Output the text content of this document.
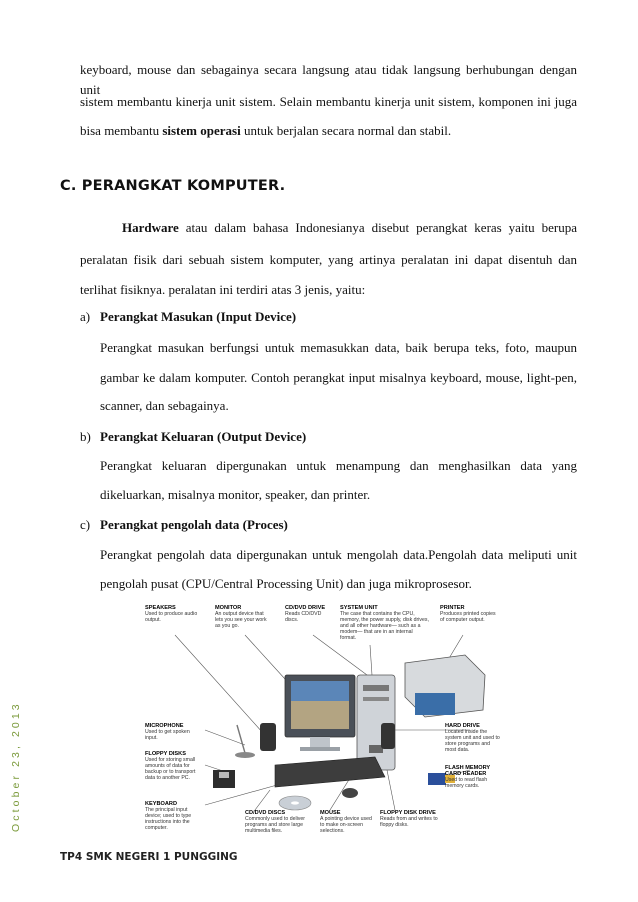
keyboard, mouse dan sebagainya secara langsung atau tidak langsung berhubungan dengan unit
sistem membantu kinerja unit sistem. Selain membantu kinerja unit sistem, komponen ini juga
bisa membantu sistem operasi untuk berjalan secara normal dan stabil.
C. PERANGKAT KOMPUTER.
Hardware atau dalam bahasa Indonesianya disebut perangkat keras yaitu berupa
peralatan fisik dari sebuah sistem komputer, yang artinya peralatan ini dapat disentuh dan
terlihat fisiknya. peralatan ini terdiri atas 3 jenis, yaitu:
a) Perangkat Masukan (Input Device)
Perangkat masukan berfungsi untuk memasukkan data, baik berupa teks, foto, maupun
gambar ke dalam komputer. Contoh perangkat input misalnya keyboard, mouse, light-pen,
scanner, dan sebagainya.
b) Perangkat Keluaran (Output Device)
Perangkat keluaran dipergunakan untuk menampung dan menghasilkan data yang
dikeluarkan, misalnya monitor, speaker, dan printer.
c) Perangkat pengolah data (Proces)
Perangkat pengolah data dipergunakan untuk mengolah data.Pengolah data meliputi unit
pengolah pusat (CPU/Central Processing Unit) dan juga mikroprosesor.
SPEAKERS
Used to produce audio output.
MONITOR
An output device that lets you see your work as you go.
CD/DVD DRIVE
Reads CD/DVD discs.
SYSTEM UNIT
The case that contains the CPU, memory, the power supply, disk drives, and all other hardware— such as a modem— that are in an internal format.
PRINTER
Produces printed copies of computer output.
MICROPHONE
Used to get spoken input.
FLOPPY DISKS
Used for storing small amounts of data for backup or to transport data to another PC.
KEYBOARD
The principal input device; used to type instructions into the computer.
HARD DRIVE
Located inside the system unit and used to store programs and most data.
FLASH MEMORY CARD READER
Used to read flash memory cards.
CD/DVD DISCS
Commonly used to deliver programs and store large multimedia files.
MOUSE
A pointing device used to make on-screen selections.
FLOPPY DISK DRIVE
Reads from and writes to floppy disks.
October 23, 2013
TP4 SMK NEGERI 1 PUNGGING
